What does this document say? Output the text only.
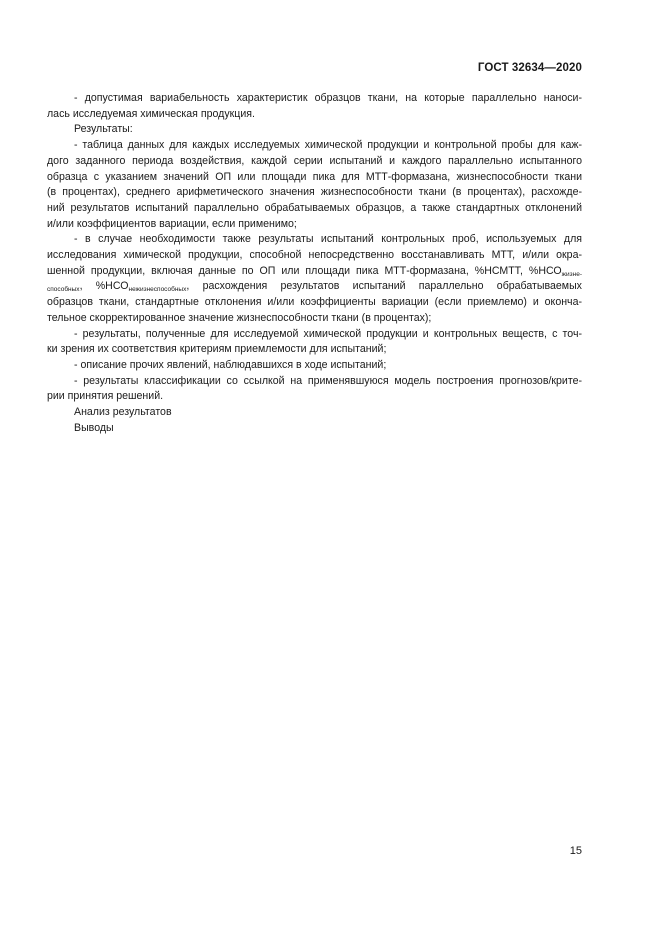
ГОСТ 32634—2020
- допустимая вариабельность характеристик образцов ткани, на которые параллельно наноси-
лась исследуемая химическая продукция.
Результаты:
- таблица данных для каждых исследуемых химической продукции и контрольной пробы для каж-
дого заданного периода воздействия, каждой серии испытаний и каждого параллельно испытанного
образца с указанием значений ОП или площади пика для МТТ-формазана, жизнеспособности ткани
(в процентах), среднего арифметического значения жизнеспособности ткани (в процентах), расхожде-
ний результатов испытаний параллельно обрабатываемых образцов, а также стандартных отклонений
и/или коэффициентов вариации, если применимо;
- в случае необходимости также результаты испытаний контрольных проб, используемых для
исследования химической продукции, способной непосредственно восстанавливать МТТ, и/или окра-
шенной продукции, включая данные по ОП или площади пика МТТ-формазана, %НСМТТ, $\%НСО_{жизне-}$
$_{способных}$, $\%НСО_{нежизнеспособных}$, расхождения результатов испытаний параллельно обрабатываемых
образцов ткани, стандартные отклонения и/или коэффициенты вариации (если приемлемо) и оконча-
тельное скорректированное значение жизнеспособности ткани (в процентах);
- результаты, полученные для исследуемой химической продукции и контрольных веществ, с точ-
ки зрения их соответствия критериям приемлемости для испытаний;
- описание прочих явлений, наблюдавшихся в ходе испытаний;
- результаты классификации со ссылкой на применявшуюся модель построения прогнозов/крите-
рии принятия решений.
Анализ результатов
Выводы
15
